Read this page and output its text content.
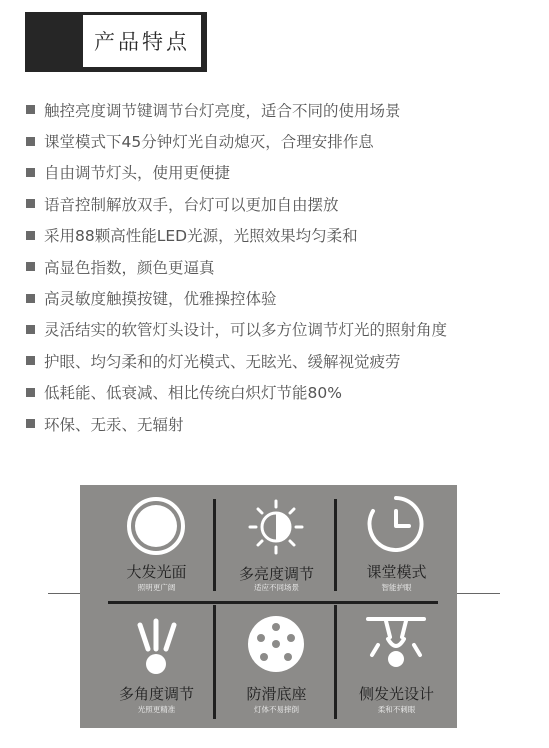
产品特点
触控亮度调节键调节台灯亮度，适合不同的使用场景
课堂模式下45分钟灯光自动熄灭，合理安排作息
自由调节灯头，使用更便捷
语音控制解放双手，台灯可以更加自由摆放
采用88颗高性能LED光源，光照效果均匀柔和
高显色指数，颜色更逼真
高灵敏度触摸按键，优雅操控体验
灵活结实的软管灯头设计，可以多方位调节灯光的照射角度
护眼、均匀柔和的灯光模式、无眩光、缓解视觉疲劳
低耗能、低衰减、相比传统白炽灯节能80%
环保、无汞、无辐射
大发光面
照明更广阔
多亮度调节
适应不同场景
课堂模式
智能护眼
多角度调节
光照更精准
防滑底座
灯体不易摔倒
侧发光设计
柔和不刺眼
